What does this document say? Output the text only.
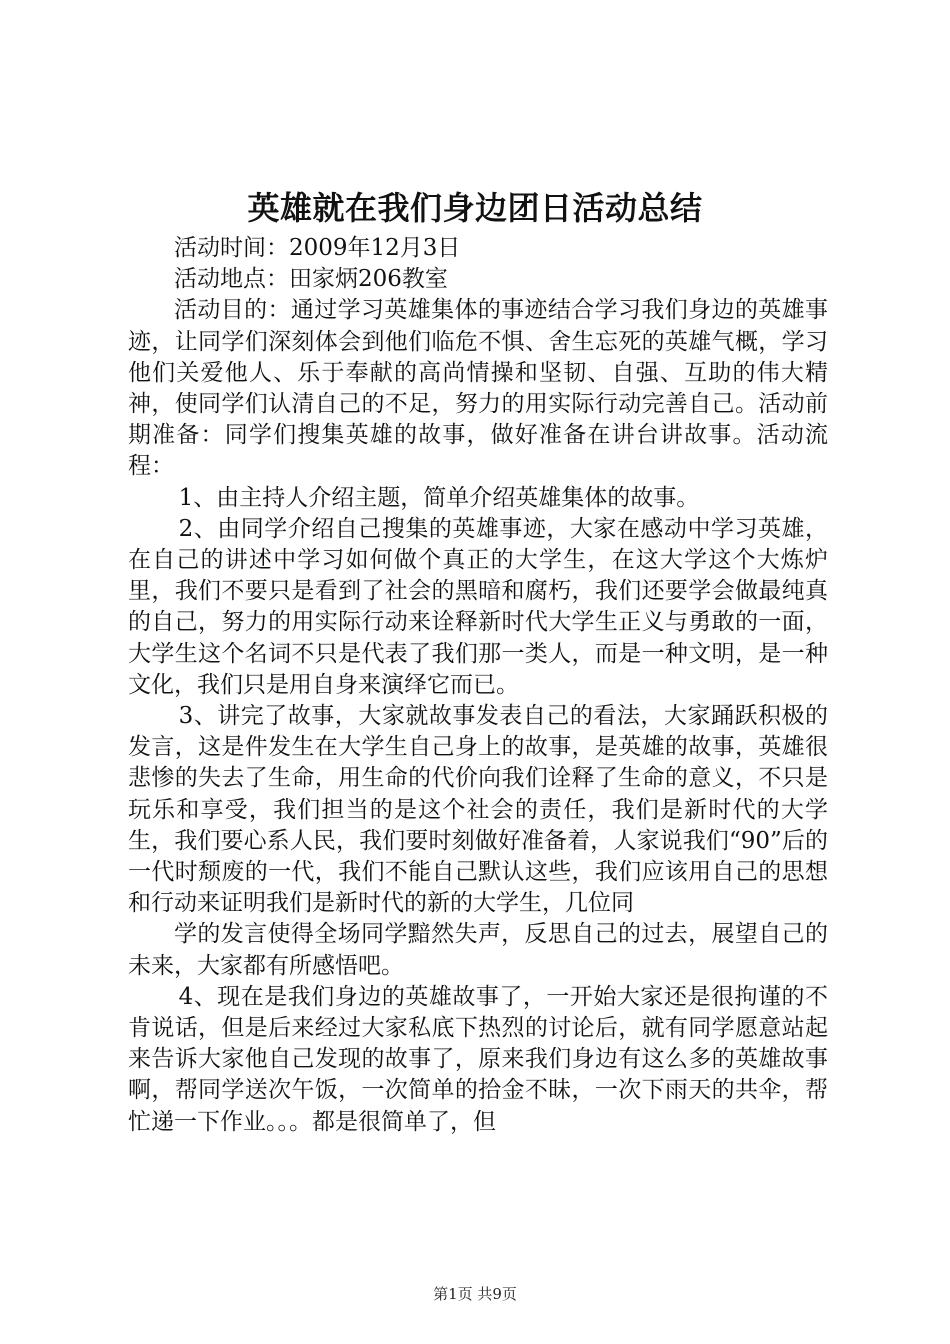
英雄就在我们身边团日活动总结

活动时间：2009年12月3日

活动地点：田家炳206教室

活动目的：通过学习英雄集体的事迹结合学习我们身边的英雄事迹，让同学们深刻体会到他们临危不惧、舍生忘死的英雄气概，学习他们关爱他人、乐于奉献的高尚情操和坚韧、自强、互助的伟大精神，使同学们认清自己的不足，努力的用实际行动完善自己。活动前期准备：同学们搜集英雄的故事，做好准备在讲台讲故事。活动流程：

1、由主持人介绍主题，简单介绍英雄集体的故事。

2、由同学介绍自己搜集的英雄事迹，大家在感动中学习英雄，在自己的讲述中学习如何做个真正的大学生，在这大学这个大炼炉里，我们不要只是看到了社会的黑暗和腐朽，我们还要学会做最纯真的自己，努力的用实际行动来诠释新时代大学生正义与勇敢的一面，大学生这个名词不只是代表了我们那一类人，而是一种文明，是一种文化，我们只是用自身来演绎它而已。

3、讲完了故事，大家就故事发表自己的看法，大家踊跃积极的发言，这是件发生在大学生自己身上的故事，是英雄的故事，英雄很悲惨的失去了生命，用生命的代价向我们诠释了生命的意义，不只是玩乐和享受，我们担当的是这个社会的责任，我们是新时代的大学生，我们要心系人民，我们要时刻做好准备着，人家说我们“90”后的一代时颓废的一代，我们不能自己默认这些，我们应该用自己的思想和行动来证明我们是新时代的新的大学生，几位同

学的发言使得全场同学黯然失声，反思自己的过去，展望自己的未来，大家都有所感悟吧。

4、现在是我们身边的英雄故事了，一开始大家还是很拘谨的不肯说话，但是后来经过大家私底下热烈的讨论后，就有同学愿意站起来告诉大家他自己发现的故事了，原来我们身边有这么多的英雄故事啊，帮同学送次午饭，一次简单的拾金不昧，一次下雨天的共伞，帮忙递一下作业。。。都是很简单了，但

第1页 共9页
